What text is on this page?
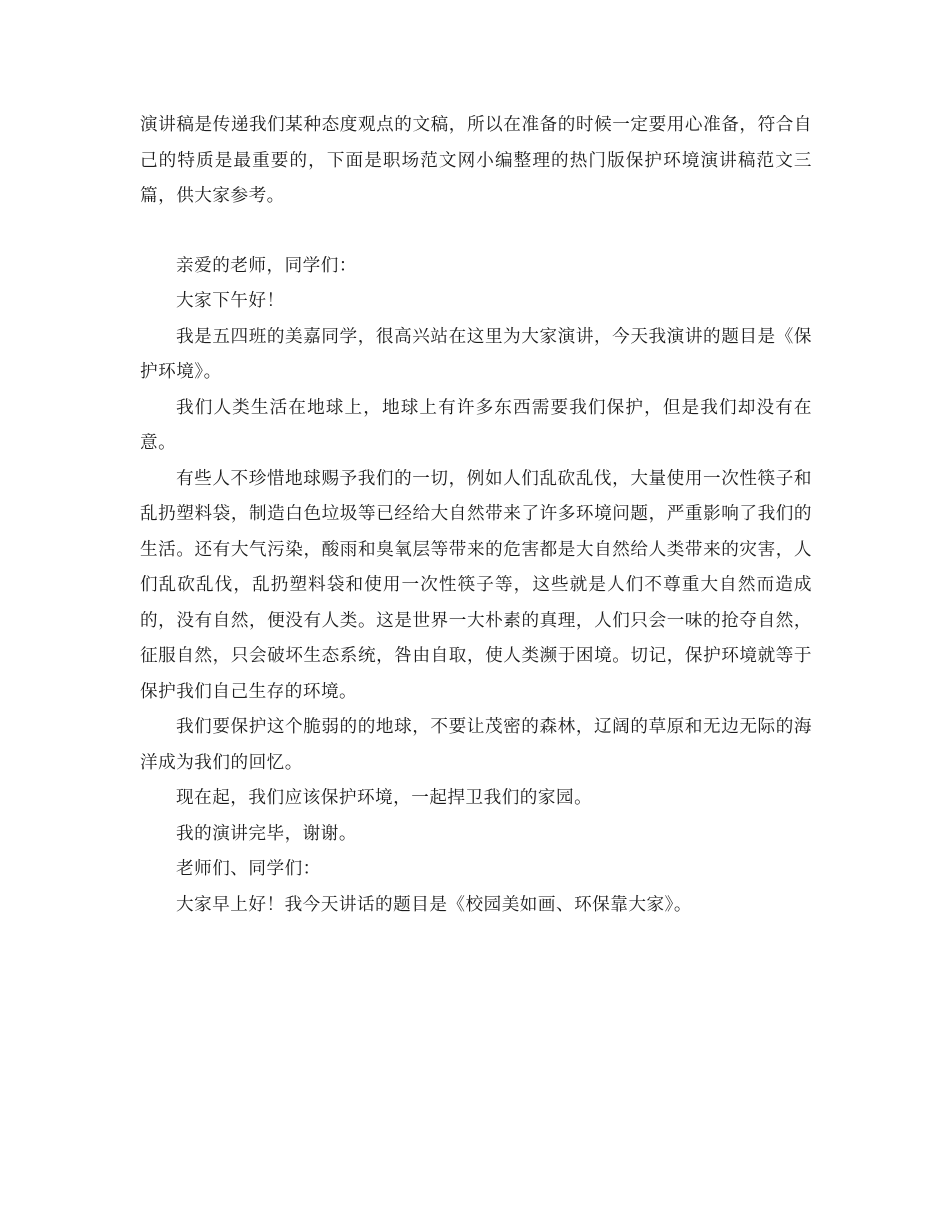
演讲稿是传递我们某种态度观点的文稿，所以在准备的时候一定要用心准备，符合自己的特质是最重要的，下面是职场范文网小编整理的热门版保护环境演讲稿范文三篇，供大家参考。

亲爱的老师，同学们：

大家下午好！

我是五四班的美嘉同学，很高兴站在这里为大家演讲，今天我演讲的题目是《保护环境》。

我们人类生活在地球上，地球上有许多东西需要我们保护，但是我们却没有在意。

有些人不珍惜地球赐予我们的一切，例如人们乱砍乱伐，大量使用一次性筷子和乱扔塑料袋，制造白色垃圾等已经给大自然带来了许多环境问题，严重影响了我们的生活。还有大气污染，酸雨和臭氧层等带来的危害都是大自然给人类带来的灾害，人们乱砍乱伐，乱扔塑料袋和使用一次性筷子等，这些就是人们不尊重大自然而造成的，没有自然，便没有人类。这是世界一大朴素的真理，人们只会一味的抢夺自然，征服自然，只会破坏生态系统，咎由自取，使人类濒于困境。切记，保护环境就等于保护我们自己生存的环境。

我们要保护这个脆弱的的地球，不要让茂密的森林，辽阔的草原和无边无际的海洋成为我们的回忆。

现在起，我们应该保护环境，一起捍卫我们的家园。

我的演讲完毕，谢谢。

老师们、同学们：

大家早上好！我今天讲话的题目是《校园美如画、环保靠大家》。
